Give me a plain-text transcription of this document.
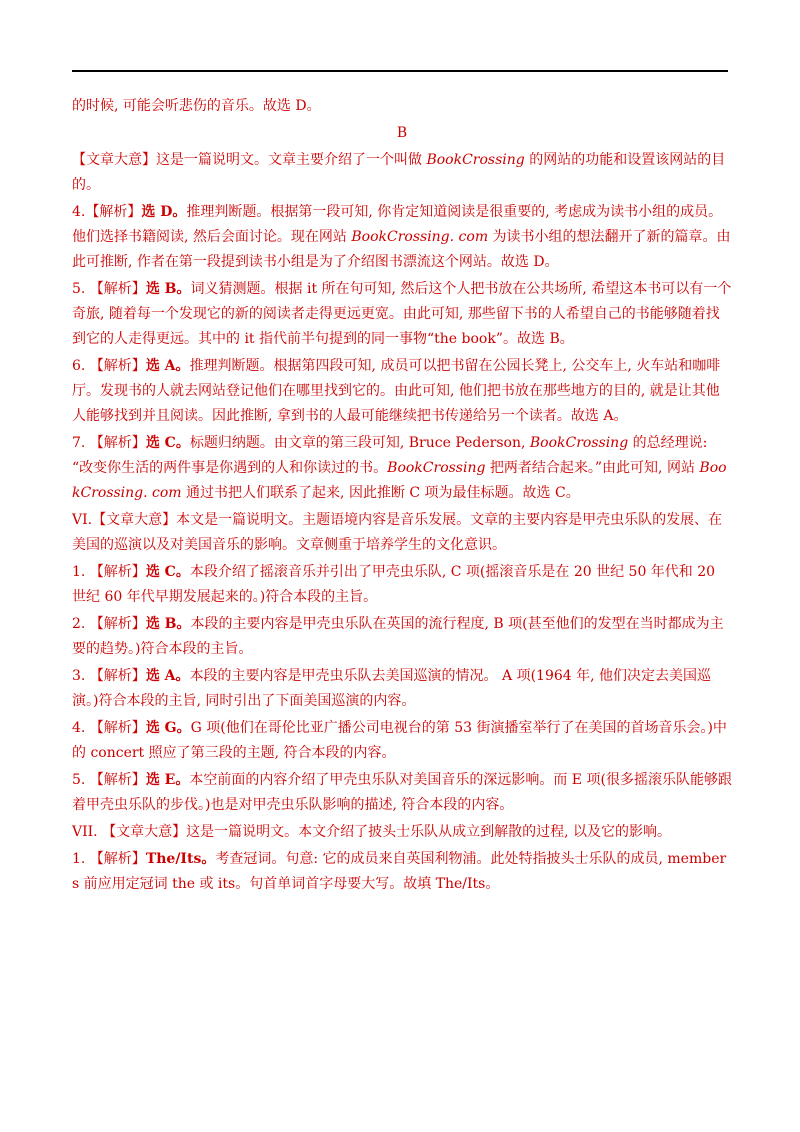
的时候, 可能会听悲伤的音乐。故选 D。

B

【文章大意】这是一篇说明文。文章主要介绍了一个叫做 BookCrossing 的网站的功能和设置该网站的目的。

4.【解析】选 D。推理判断题。根据第一段可知, 你肯定知道阅读是很重要的, 考虑成为读书小组的成员。他们选择书籍阅读, 然后会面讨论。现在网站 BookCrossing. com 为读书小组的想法翻开了新的篇章。由此可推断, 作者在第一段提到读书小组是为了介绍图书漂流这个网站。故选 D。

5. 【解析】选 B。词义猜测题。根据 it 所在句可知, 然后这个人把书放在公共场所, 希望这本书可以有一个奇旅, 随着每一个发现它的新的阅读者走得更远更宽。由此可知, 那些留下书的人希望自己的书能够随着找到它的人走得更远。其中的 it 指代前半句提到的同一事物“the book”。故选 B。

6. 【解析】选 A。推理判断题。根据第四段可知, 成员可以把书留在公园长凳上, 公交车上, 火车站和咖啡厅。发现书的人就去网站登记他们在哪里找到它的。由此可知, 他们把书放在那些地方的目的, 就是让其他人能够找到并且阅读。因此推断, 拿到书的人最可能继续把书传递给另一个读者。故选 A。

7. 【解析】选 C。标题归纳题。由文章的第三段可知, Bruce Pederson, BookCrossing 的总经理说: “改变你生活的两件事是你遇到的人和你读过的书。BookCrossing 把两者结合起来。”由此可知, 网站 BookCrossing. com 通过书把人们联系了起来, 因此推断 C 项为最佳标题。故选 C。

VI.【文章大意】本文是一篇说明文。主题语境内容是音乐发展。文章的主要内容是甲壳虫乐队的发展、在美国的巡演以及对美国音乐的影响。文章侧重于培养学生的文化意识。

1. 【解析】选 C。本段介绍了摇滚音乐并引出了甲壳虫乐队, C 项(摇滚音乐是在 20 世纪 50 年代和 20 世纪 60 年代早期发展起来的。)符合本段的主旨。

2. 【解析】选 B。本段的主要内容是甲壳虫乐队在英国的流行程度, B 项(甚至他们的发型在当时都成为主要的趋势。)符合本段的主旨。

3. 【解析】选 A。本段的主要内容是甲壳虫乐队去美国巡演的情况。 A 项(1964 年, 他们决定去美国巡演。)符合本段的主旨, 同时引出了下面美国巡演的内容。

4. 【解析】选 G。G 项(他们在哥伦比亚广播公司电视台的第 53 街演播室举行了在美国的首场音乐会。)中的 concert 照应了第三段的主题, 符合本段的内容。

5. 【解析】选 E。本空前面的内容介绍了甲壳虫乐队对美国音乐的深远影响。而 E 项(很多摇滚乐队能够跟着甲壳虫乐队的步伐。)也是对甲壳虫乐队影响的描述, 符合本段的内容。

VII. 【文章大意】这是一篇说明文。本文介绍了披头士乐队从成立到解散的过程, 以及它的影响。

1. 【解析】The/Its。考查冠词。句意: 它的成员来自英国利物浦。此处特指披头士乐队的成员, members 前应用定冠词 the 或 its。句首单词首字母要大写。故填 The/Its。
